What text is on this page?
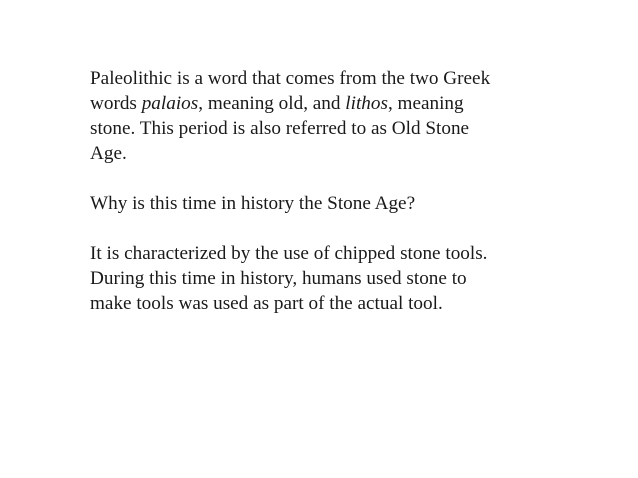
Paleolithic is a word that comes from the two Greek
words palaios, meaning old, and lithos, meaning
stone. This period is also referred to as Old Stone
Age.

Why is this time in history the Stone Age?

It is characterized by the use of chipped stone tools.
During this time in history, humans used stone to
make tools was used as part of the actual tool.
